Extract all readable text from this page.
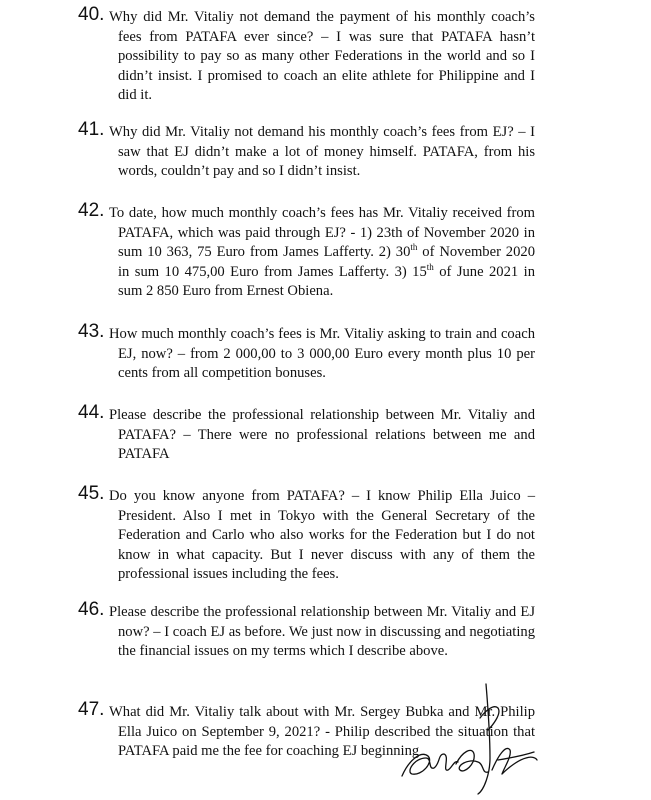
40. Why did Mr. Vitaliy not demand the payment of his monthly coach’s fees from PATAFA ever since? – I was sure that PATAFA hasn’t possibility to pay so as many other Federations in the world and so I didn’t insist. I promised to coach an elite athlete for Philippine and I did it.
41. Why did Mr. Vitaliy not demand his monthly coach’s fees from EJ? – I saw that EJ didn’t make a lot of money himself. PATAFA, from his words, couldn’t pay and so I didn’t insist.
42. To date, how much monthly coach’s fees has Mr. Vitaliy received from PATAFA, which was paid through EJ? - 1) 23th of November 2020 in sum 10 363, 75 Euro from James Lafferty. 2) 30th of November 2020 in sum 10 475,00 Euro from James Lafferty. 3) 15th of June 2021 in sum 2 850 Euro from Ernest Obiena.
43. How much monthly coach’s fees is Mr. Vitaliy asking to train and coach EJ, now? – from 2 000,00 to 3 000,00 Euro every month plus 10 per cents from all competition bonuses.
44. Please describe the professional relationship between Mr. Vitaliy and PATAFA? – There were no professional relations between me and PATAFA
45. Do you know anyone from PATAFA? – I know Philip Ella Juico – President. Also I met in Tokyo with the General Secretary of the Federation and Carlo who also works for the Federation but I do not know in what capacity. But I never discuss with any of them the professional issues including the fees.
46. Please describe the professional relationship between Mr. Vitaliy and EJ now? – I coach EJ as before. We just now in discussing and negotiating the financial issues on my terms which I describe above.
47. What did Mr. Vitaliy talk about with Mr. Sergey Bubka and Mr. Philip Ella Juico on September 9, 2021? - Philip described the situation that PATAFA paid me the fee for coaching EJ beginning
